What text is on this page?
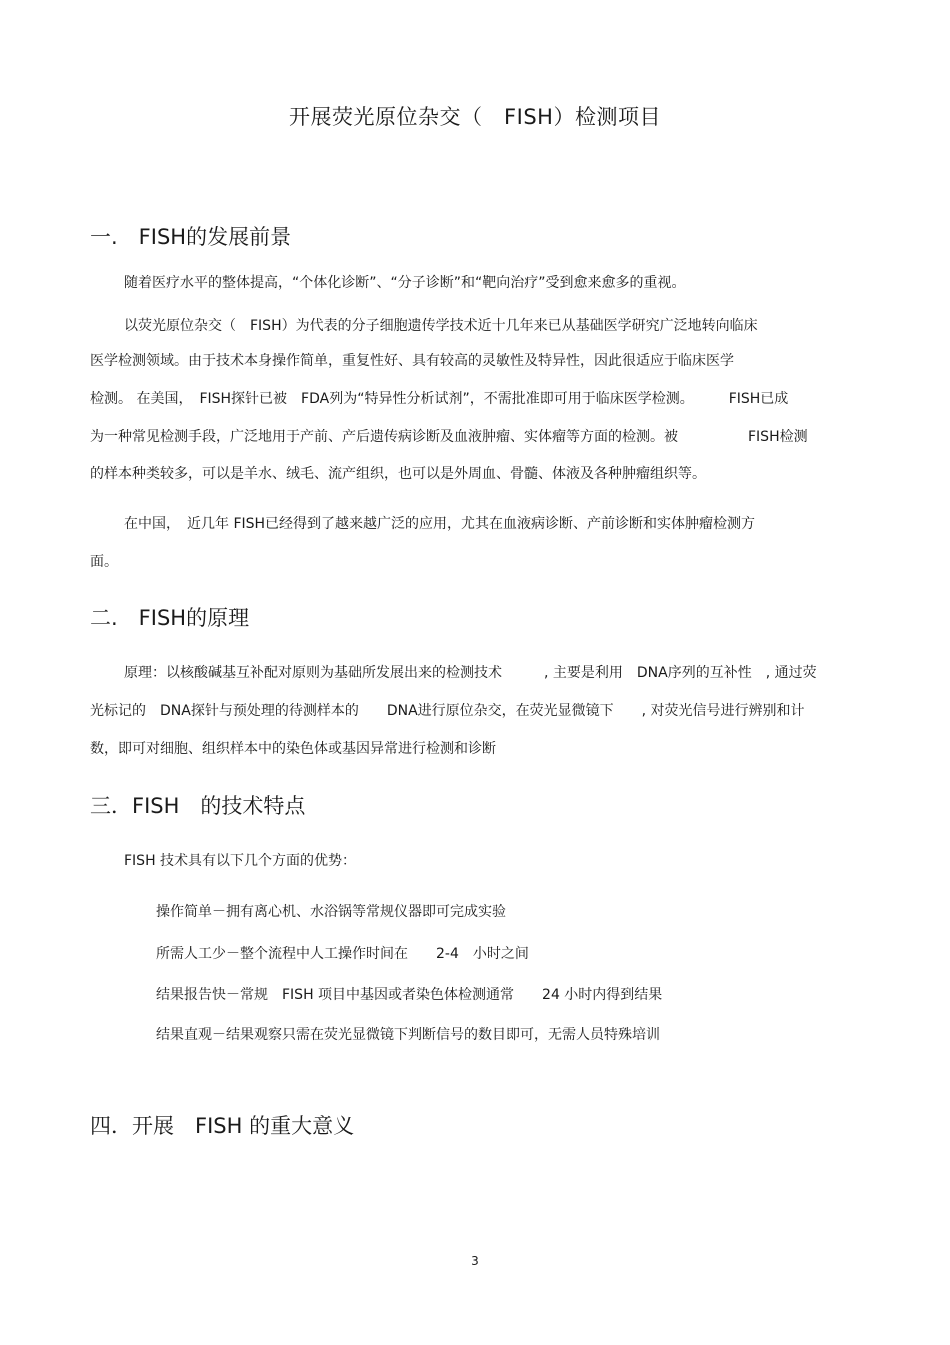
开展荧光原位杂交（　FISH）检测项目
一.　FISH的发展前景
随着医疗水平的整体提高，“个体化诊断”、“分子诊断”和“靶向治疗”受到愈来愈多的重视。
以荧光原位杂交（　FISH）为代表的分子细胞遗传学技术近十几年来已从基础医学研究广泛地转向临床
医学检测领域。由于技术本身操作简单，重复性好、具有较高的灵敏性及特异性，因此很适应于临床医学
检测。 在美国，　FISH探针已被　FDA列为“特异性分析试剂”，不需批准即可用于临床医学检测。　　　FISH已成
为一种常见检测手段，广泛地用于产前、产后遗传病诊断及血液肿瘤、实体瘤等方面的检测。被　　　　　FISH检测
的样本种类较多，可以是羊水、绒毛、流产组织，也可以是外周血、骨髓、体液及各种肿瘤组织等。
在中国，　近几年 FISH已经得到了越来越广泛的应用，尤其在血液病诊断、产前诊断和实体肿瘤检测方
面。
二.　FISH的原理
原理：以核酸碱基互补配对原则为基础所发展出来的检测技术　　　, 主要是利用　DNA序列的互补性　, 通过荧
光标记的　DNA探针与预处理的待测样本的　　DNA进行原位杂交，在荧光显微镜下　　, 对荧光信号进行辨别和计
数，即可对细胞、组织样本中的染色体或基因异常进行检测和诊断
三．FISH　的技术特点
FISH 技术具有以下几个方面的优势：
操作简单－拥有离心机、水浴锅等常规仪器即可完成实验
所需人工少－整个流程中人工操作时间在　　2-4　小时之间
结果报告快－常规　FISH 项目中基因或者染色体检测通常　　24 小时内得到结果
结果直观－结果观察只需在荧光显微镜下判断信号的数目即可，无需人员特殊培训
四．开展　FISH 的重大意义
3
